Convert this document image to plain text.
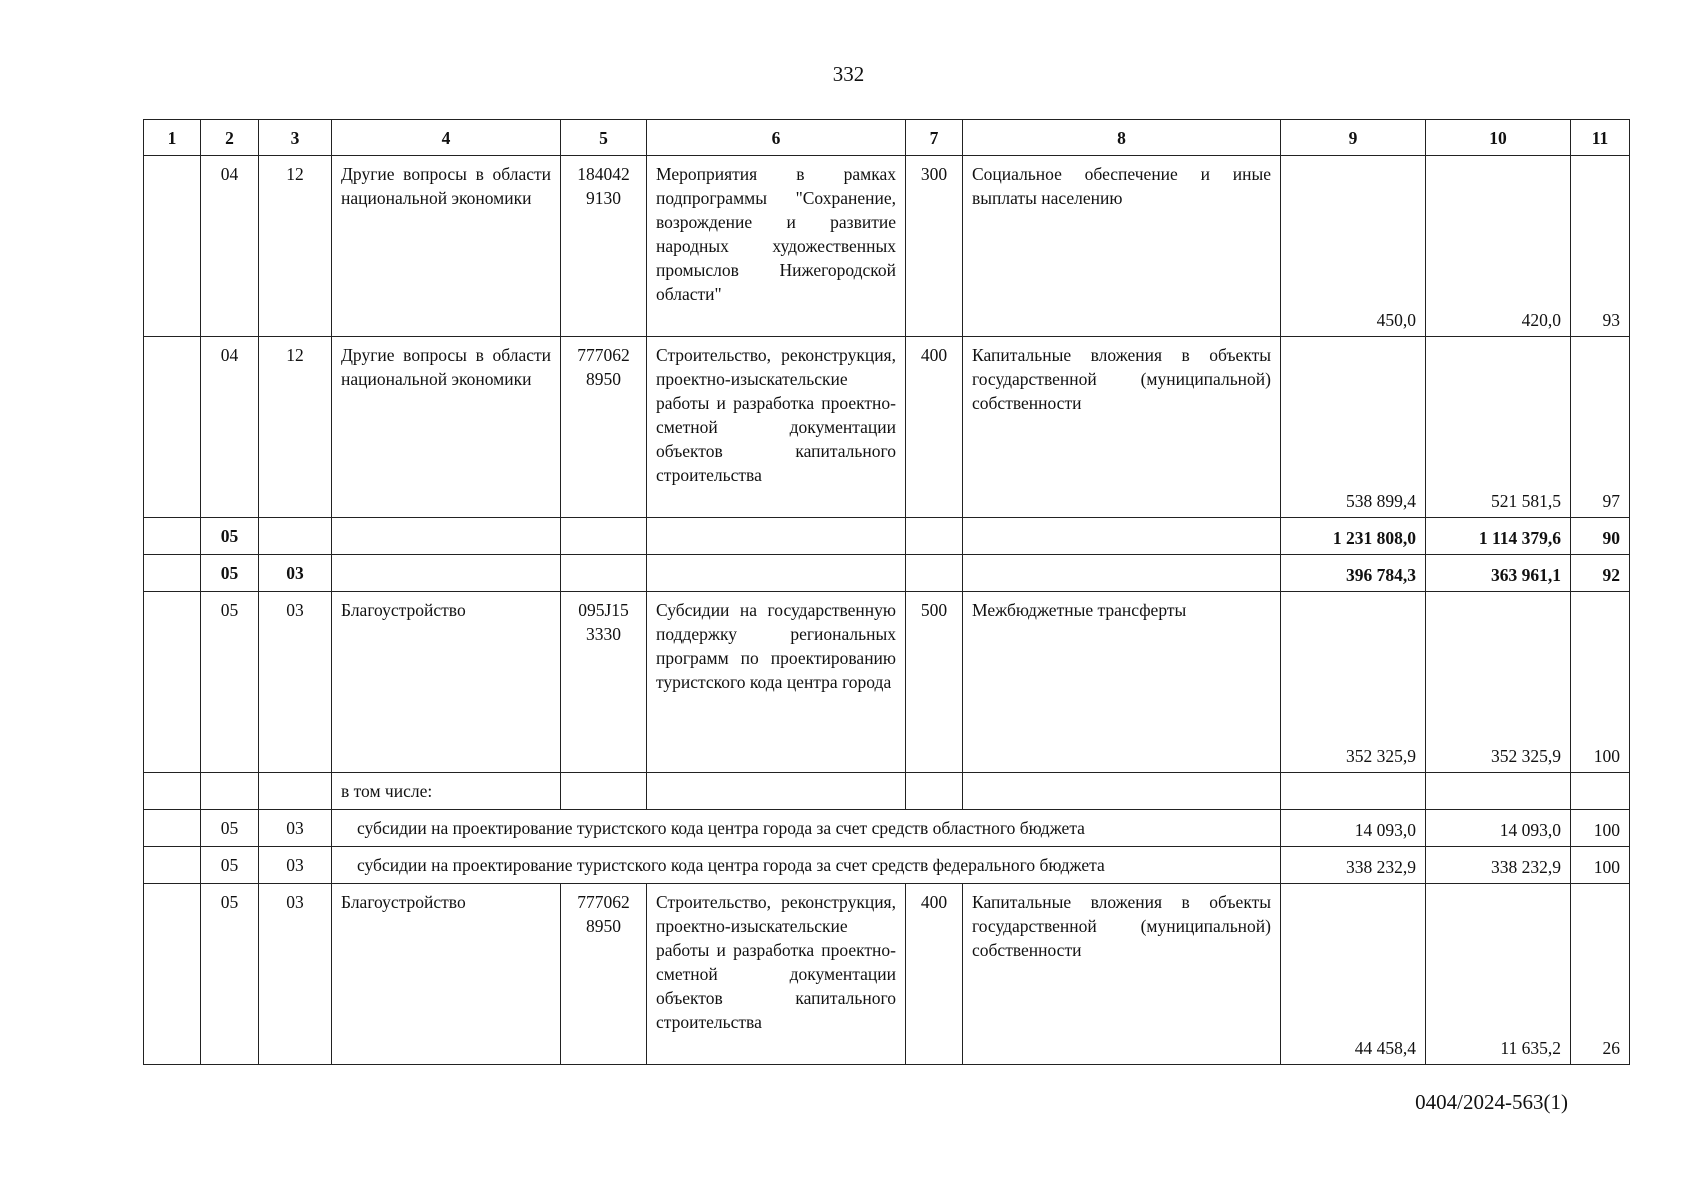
332
1	2	3	4	5	6	7	8	9	10	11
	04	12	Другие вопросы в области национальной экономики	184042 9130	Мероприятия в рамках подпрограммы "Сохранение, возрождение и развитие народных художественных промыслов Нижегородской области"	300	Социальное обеспечение и иные выплаты населению	450,0	420,0	93
	04	12	Другие вопросы в области национальной экономики	777062 8950	Строительство, реконструкция, проектно-изыскательские работы и разработка проектно-сметной документации объектов капитального строительства	400	Капитальные вложения в объекты государственной (муниципальной) собственности	538 899,4	521 581,5	97
	05							1 231 808,0	1 114 379,6	90
	05	03						396 784,3	363 961,1	92
	05	03	Благоустройство	095J15 3330	Субсидии на государственную поддержку региональных программ по проектированию туристского кода центра города	500	Межбюджетные трансферты	352 325,9	352 325,9	100
			в том числе:							
	05	03	субсидии на проектирование туристского кода центра города за счет средств областного бюджета					14 093,0	14 093,0	100
	05	03	субсидии на проектирование туристского кода центра города за счет средств федерального бюджета					338 232,9	338 232,9	100
	05	03	Благоустройство	777062 8950	Строительство, реконструкция, проектно-изыскательские работы и разработка проектно-сметной документации объектов капитального строительства	400	Капитальные вложения в объекты государственной (муниципальной) собственности	44 458,4	11 635,2	26
0404/2024-563(1)
